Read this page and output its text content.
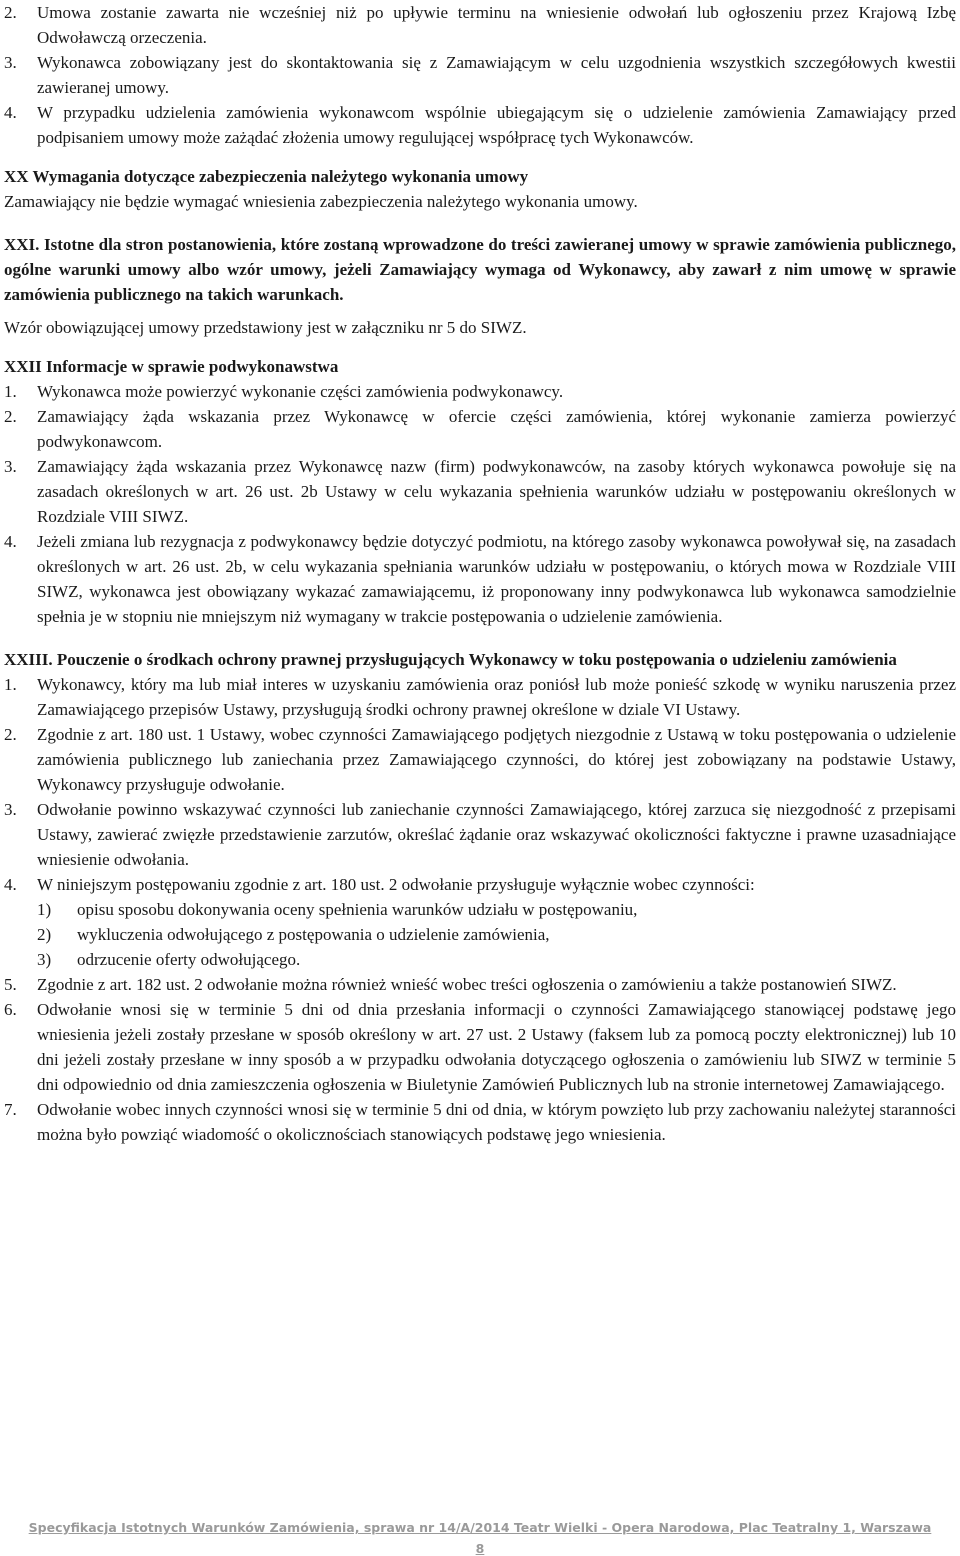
2. Umowa zostanie zawarta nie wcześniej niż po upływie terminu na wniesienie odwołań lub ogłoszeniu przez Krajową Izbę Odwoławczą orzeczenia.
3. Wykonawca zobowiązany jest do skontaktowania się z Zamawiającym w celu uzgodnienia wszystkich szczegółowych kwestii zawieranej umowy.
4. W przypadku udzielenia zamówienia wykonawcom wspólnie ubiegającym się o udzielenie zamówienia Zamawiający przed podpisaniem umowy może zażądać złożenia umowy regulującej współpracę tych Wykonawców.
XX Wymagania dotyczące zabezpieczenia należytego wykonania umowy
Zamawiający nie będzie wymagać wniesienia zabezpieczenia należytego wykonania umowy.
XXI. Istotne dla stron postanowienia, które zostaną wprowadzone do treści zawieranej umowy w sprawie zamówienia publicznego, ogólne warunki umowy albo wzór umowy, jeżeli Zamawiający wymaga od Wykonawcy, aby zawarł z nim umowę w sprawie zamówienia publicznego na takich warunkach.
Wzór obowiązującej umowy przedstawiony jest w załączniku nr 5 do SIWZ.
XXII Informacje w sprawie podwykonawstwa
1. Wykonawca może powierzyć wykonanie części zamówienia podwykonawcy.
2. Zamawiający żąda wskazania przez Wykonawcę w ofercie części zamówienia, której wykonanie zamierza powierzyć podwykonawcom.
3. Zamawiający żąda wskazania przez Wykonawcę nazw (firm) podwykonawców, na zasoby których wykonawca powołuje się na zasadach określonych w art. 26 ust. 2b Ustawy w celu wykazania spełnienia warunków udziału w postępowaniu określonych w Rozdziale VIII SIWZ.
4. Jeżeli zmiana lub rezygnacja z podwykonawcy będzie dotyczyć podmiotu, na którego zasoby wykonawca powoływał się, na zasadach określonych w art. 26 ust. 2b, w celu wykazania spełniania warunków udziału w postępowaniu, o których mowa w Rozdziale VIII SIWZ, wykonawca jest obowiązany wykazać zamawiającemu, iż proponowany inny podwykonawca lub wykonawca samodzielnie spełnia je w stopniu nie mniejszym niż wymagany w trakcie postępowania o udzielenie zamówienia.
XXIII. Pouczenie o środkach ochrony prawnej przysługujących Wykonawcy w toku postępowania o udzieleniu zamówienia
1. Wykonawcy, który ma lub miał interes w uzyskaniu zamówienia oraz poniósł lub może ponieść szkodę w wyniku naruszenia przez Zamawiającego przepisów Ustawy, przysługują środki ochrony prawnej określone w dziale VI Ustawy.
2. Zgodnie z art. 180 ust. 1 Ustawy, wobec czynności Zamawiającego podjętych niezgodnie z Ustawą w toku postępowania o udzielenie zamówienia publicznego lub zaniechania przez Zamawiającego czynności, do której jest zobowiązany na podstawie Ustawy, Wykonawcy przysługuje odwołanie.
3. Odwołanie powinno wskazywać czynności lub zaniechanie czynności Zamawiającego, której zarzuca się niezgodność z przepisami Ustawy, zawierać zwięzłe przedstawienie zarzutów, określać żądanie oraz wskazywać okoliczności faktyczne i prawne uzasadniające wniesienie odwołania.
4. W niniejszym postępowaniu zgodnie z art. 180 ust. 2 odwołanie przysługuje wyłącznie wobec czynności:
1) opisu sposobu dokonywania oceny spełnienia warunków udziału w postępowaniu,
2) wykluczenia odwołującego z postępowania o udzielenie zamówienia,
3) odrzucenie oferty odwołującego.
5. Zgodnie z art. 182 ust. 2 odwołanie można również wnieść wobec treści ogłoszenia o zamówieniu a także postanowień SIWZ.
6. Odwołanie wnosi się w terminie 5 dni od dnia przesłania informacji o czynności Zamawiającego stanowiącej podstawę jego wniesienia jeżeli zostały przesłane w sposób określony w art. 27 ust. 2 Ustawy (faksem lub za pomocą poczty elektronicznej) lub 10 dni jeżeli zostały przesłane w inny sposób a w przypadku odwołania dotyczącego ogłoszenia o zamówieniu lub SIWZ w terminie 5 dni odpowiednio od dnia zamieszczenia ogłoszenia w Biuletynie Zamówień Publicznych lub na stronie internetowej Zamawiającego.
7. Odwołanie wobec innych czynności wnosi się w terminie 5 dni od dnia, w którym powzięto lub przy zachowaniu należytej staranności można było powziąć wiadomość o okolicznościach stanowiących podstawę jego wniesienia.
Specyfikacja Istotnych Warunków Zamówienia, sprawa nr 14/A/2014 Teatr Wielki - Opera Narodowa, Plac Teatralny 1, Warszawa
8
